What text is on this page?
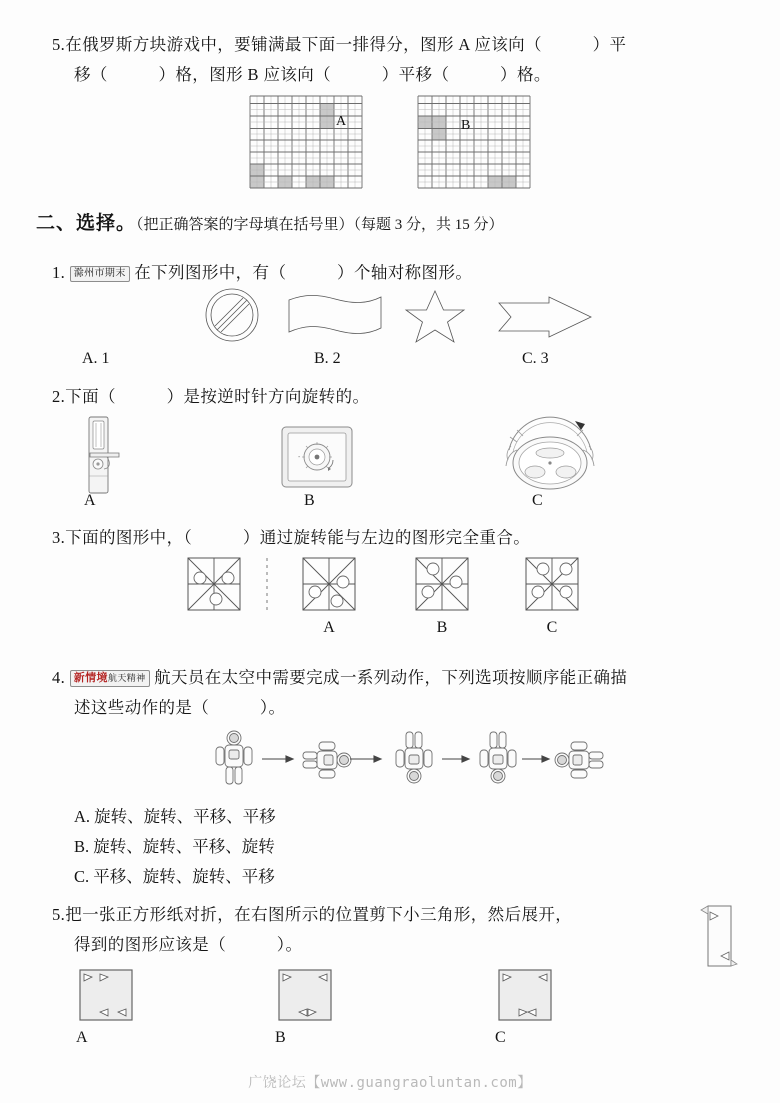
5.在俄罗斯方块游戏中，要铺满最下面一排得分，图形 A 应该向（　　　）平
移（　　　）格，图形 B 应该向（　　　）平移（　　　）格。
A	B
二、选择。（把正确答案的字母填在括号里）（每题 3 分，共 15 分）
1. 滁州市期末 在下列图形中，有（　　　）个轴对称图形。
A. 1	B. 2	C. 3
2.下面（　　　）是按逆时针方向旋转的。
-
A	B	C
3.下面的图形中，（　　　）通过旋转能与左边的图形完全重合。
A	B	C
4. 新情境航天精神 航天员在太空中需要完成一系列动作，下列选项按顺序能正确描
述这些动作的是（　　　）。
A. 旋转、旋转、平移、平移
B. 旋转、旋转、平移、旋转
C. 平移、旋转、旋转、平移
5.把一张正方形纸对折，在右图所示的位置剪下小三角形，然后展开，
得到的图形应该是（　　　）。
A	B	C
广饶论坛【www.guangraoluntan.com】
